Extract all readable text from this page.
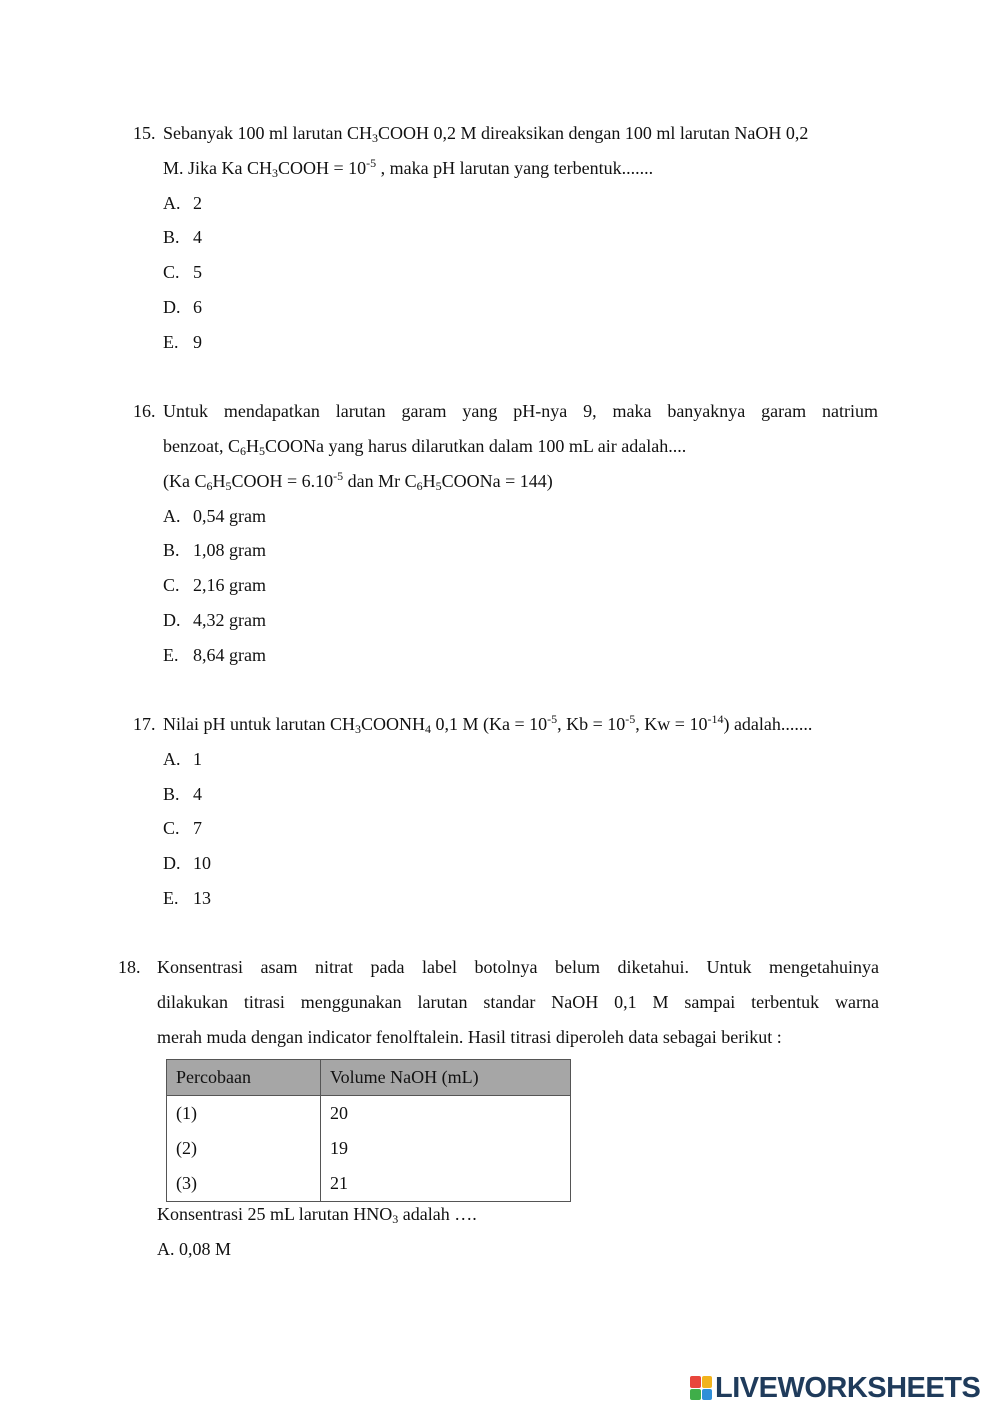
15. Sebanyak 100 ml larutan $CH_3COOH$ 0,2 M direaksikan dengan 100 ml larutan NaOH 0,2
M. Jika Ka $CH_3COOH = 10^{-5}$ , maka pH larutan yang terbentuk.......
A. 2
B. 4
C. 5
D. 6
E. 9
16. Untuk mendapatkan larutan garam yang pH-nya 9, maka banyaknya garam natrium
benzoat, $C_6H_5COONa$ yang harus dilarutkan dalam 100 mL air adalah....
(Ka $C_6H_5COOH = 6.10^{-5}$ dan Mr $C_6H_5COONa = 144$)
A. 0,54 gram
B. 1,08 gram
C. 2,16 gram
D. 4,32 gram
E. 8,64 gram
17. Nilai pH untuk larutan $CH_3COONH_4$ 0,1 M ($Ka = 10^{-5}$, $Kb = 10^{-5}$, $Kw = 10^{-14}$) adalah.......
A. 1
B. 4
C. 7
D. 10
E. 13
18. Konsentrasi asam nitrat pada label botolnya belum diketahui. Untuk mengetahuinya
dilakukan titrasi menggunakan larutan standar NaOH 0,1 M sampai terbentuk warna
merah muda dengan indicator fenolftalein. Hasil titrasi diperoleh data sebagai berikut :
Percobaan	Volume NaOH (mL)
(1)	20
(2)	19
(3)	21
Konsentrasi 25 mL larutan $HNO_3$ adalah ….
A. 0,08 M
LIVEWORKSHEETS
